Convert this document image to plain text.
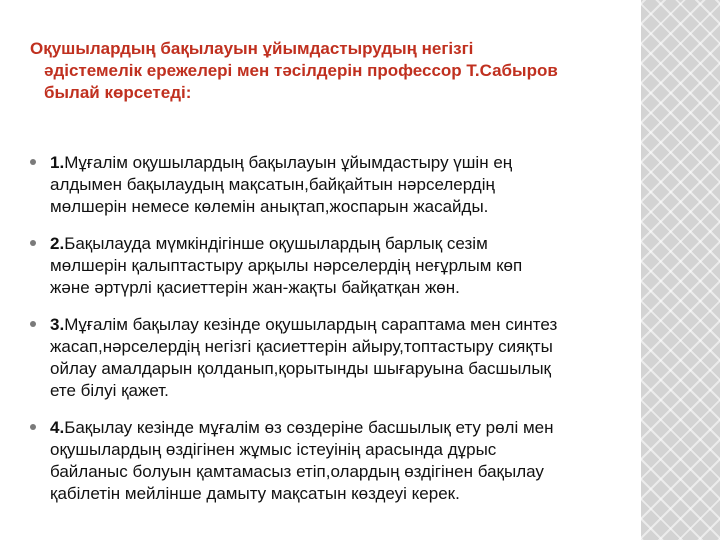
Оқушылардың бақылауын ұйымдастырудың негізгі
әдістемелік ережелері мен тәсілдерін профессор Т.Сабыров
былай көрсетеді:
1.Мұғалім оқушылардың бақылауын ұйымдастыру үшін ең
алдымен бақылаудың мақсатын,байқайтын нәрселердің
мөлшерін немесе көлемін анықтап,жоспарын жасайды.
2.Бақылауда мүмкіндігінше оқушылардың барлық сезім
мөлшерін қалыптастыру арқылы нәрселердің неғұрлым көп
және әртүрлі қасиеттерін жан-жақты байқатқан жөн.
3.Мұғалім бақылау кезінде оқушылардың сараптама мен синтез
жасап,нәрселердің негізгі қасиеттерін айыру,топтастыру сияқты
ойлау амалдарын қолданып,қорытынды шығаруына басшылық
ете білуі қажет.
4.Бақылау кезінде мұғалім өз сөздеріне басшылық ету рөлі мен
оқушылардың өздігінен жұмыс істеуінің арасында дұрыс
байланыс болуын қамтамасыз етіп,олардың өздігінен бақылау
қабілетін мейлінше дамыту мақсатын көздеуі керек.
